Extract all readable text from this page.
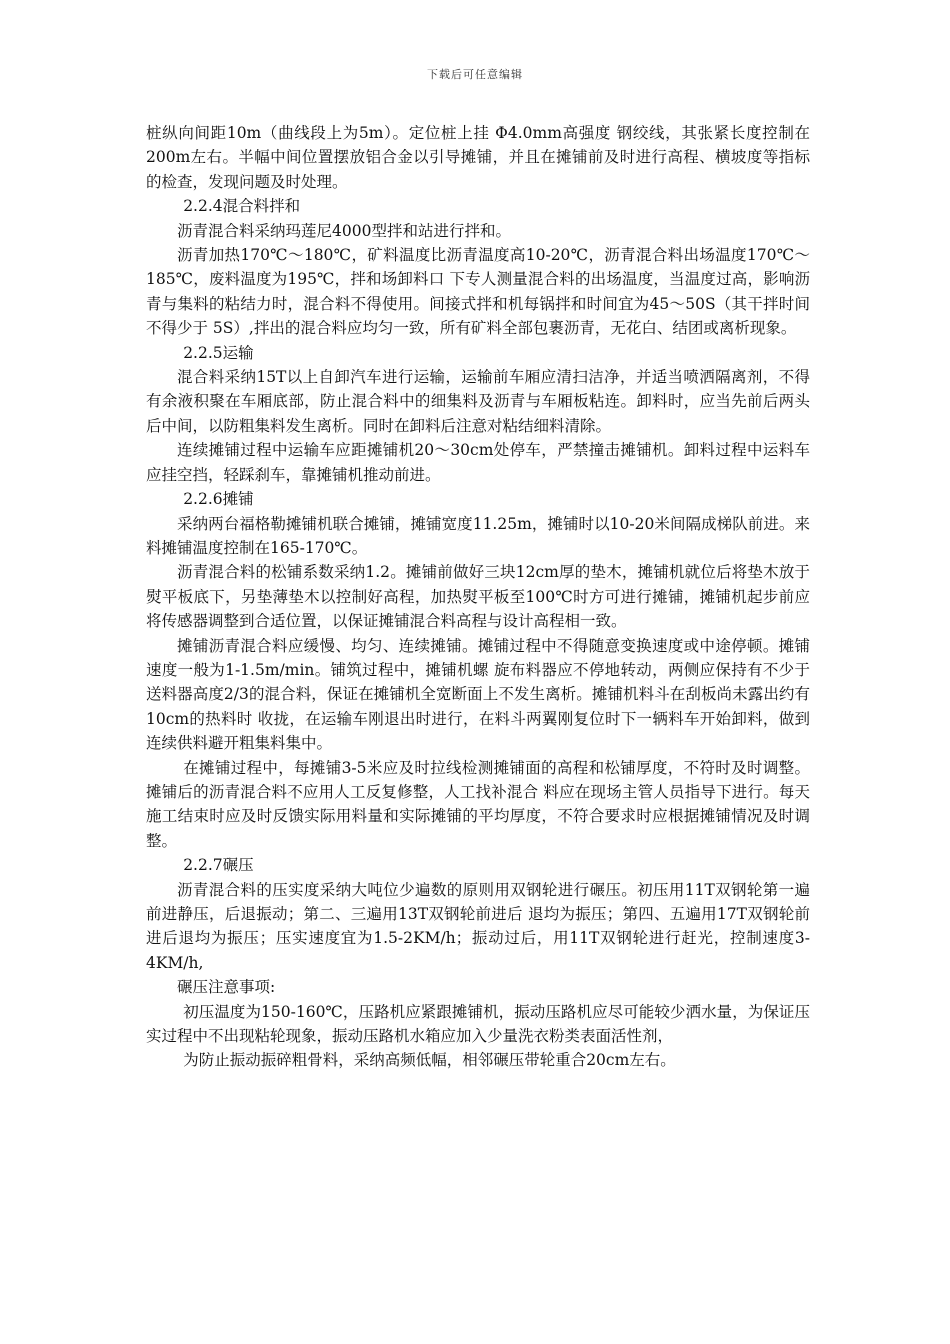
下载后可任意编辑

桩纵向间距10m（曲线段上为5m）。定位桩上挂 Φ4.0mm高强度 钢绞线，其张紧长度控制在200m左右。半幅中间位置摆放铝合金以引导摊铺，并且在摊铺前及时进行高程、横坡度等指标的检查，发现问题及时处理。

2.2.4混合料拌和

沥青混合料采纳玛莲尼4000型拌和站进行拌和。

沥青加热170℃～180℃，矿料温度比沥青温度高10-20℃，沥青混合料出场温度170℃～185℃，废料温度为195℃，拌和场卸料口 下专人测量混合料的出场温度，当温度过高，影响沥青与集料的粘结力时，混合料不得使用。间接式拌和机每锅拌和时间宜为45～50S（其干拌时间不得少于 5S）,拌出的混合料应均匀一致，所有矿料全部包裹沥青，无花白、结团或离析现象。

2.2.5运输

混合料采纳15T以上自卸汽车进行运输，运输前车厢应清扫洁净，并适当喷洒隔离剂，不得有余液积聚在车厢底部，防止混合料中的细集料及沥青与车厢板粘连。卸料时，应当先前后两头后中间，以防粗集料发生离析。同时在卸料后注意对粘结细料清除。

连续摊铺过程中运输车应距摊铺机20～30cm处停车，严禁撞击摊铺机。卸料过程中运料车应挂空挡，轻踩刹车，靠摊铺机推动前进。

2.2.6摊铺

采纳两台福格勒摊铺机联合摊铺，摊铺宽度11.25m，摊铺时以10-20米间隔成梯队前进。来料摊铺温度控制在165-170℃。

沥青混合料的松铺系数采纳1.2。摊铺前做好三块12cm厚的垫木，摊铺机就位后将垫木放于熨平板底下，另垫薄垫木以控制好高程，加热熨平板至100℃时方可进行摊铺，摊铺机起步前应将传感器调整到合适位置，以保证摊铺混合料高程与设计高程相一致。

摊铺沥青混合料应缓慢、均匀、连续摊铺。摊铺过程中不得随意变换速度或中途停顿。摊铺速度一般为1-1.5m/min。铺筑过程中，摊铺机螺 旋布料器应不停地转动，两侧应保持有不少于送料器高度2/3的混合料，保证在摊铺机全宽断面上不发生离析。摊铺机料斗在刮板尚未露出约有10cm的热料时 收拢，在运输车刚退出时进行，在料斗两翼刚复位时下一辆料车开始卸料，做到连续供料避开粗集料集中。

在摊铺过程中，每摊铺3-5米应及时拉线检测摊铺面的高程和松铺厚度，不符时及时调整。摊铺后的沥青混合料不应用人工反复修整，人工找补混合 料应在现场主管人员指导下进行。每天施工结束时应及时反馈实际用料量和实际摊铺的平均厚度，不符合要求时应根据摊铺情况及时调整。

2.2.7碾压

沥青混合料的压实度采纳大吨位少遍数的原则用双钢轮进行碾压。初压用11T双钢轮第一遍前进静压，后退振动；第二、三遍用13T双钢轮前进后 退均为振压；第四、五遍用17T双钢轮前进后退均为振压；压实速度宜为1.5-2KM/h；振动过后，用11T双钢轮进行赶光，控制速度3-4KM/h,

碾压注意事项:

初压温度为150-160℃，压路机应紧跟摊铺机，振动压路机应尽可能较少洒水量，为保证压实过程中不出现粘轮现象，振动压路机水箱应加入少量洗衣粉类表面活性剂，

为防止振动振碎粗骨料，采纳高频低幅，相邻碾压带轮重合20cm左右。
